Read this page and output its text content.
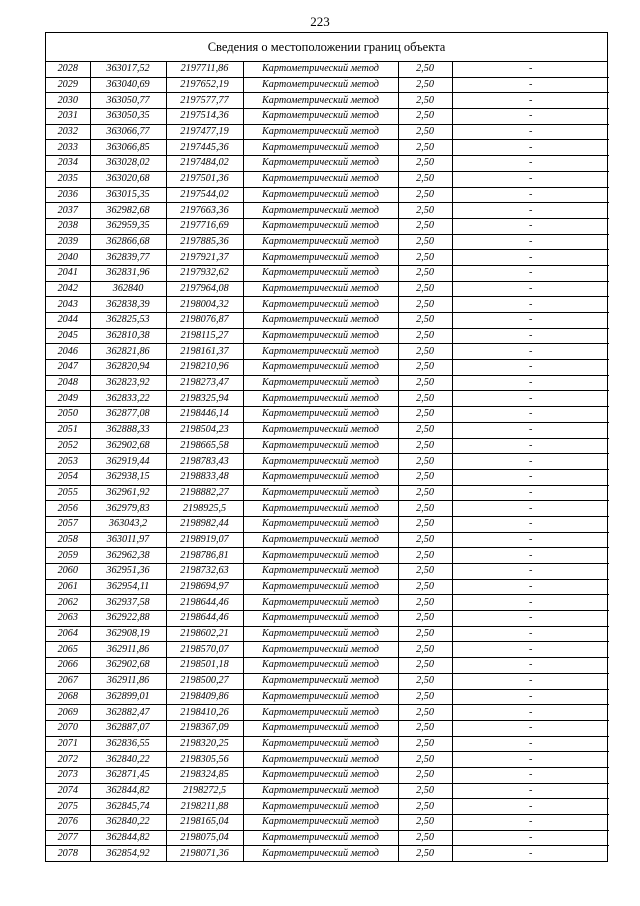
223
Сведения о местоположении границ объекта
2028	363017,52	2197711,86	Картометрический метод	2,50	-
2029	363040,69	2197652,19	Картометрический метод	2,50	-
2030	363050,77	2197577,77	Картометрический метод	2,50	-
2031	363050,35	2197514,36	Картометрический метод	2,50	-
2032	363066,77	2197477,19	Картометрический метод	2,50	-
2033	363066,85	2197445,36	Картометрический метод	2,50	-
2034	363028,02	2197484,02	Картометрический метод	2,50	-
2035	363020,68	2197501,36	Картометрический метод	2,50	-
2036	363015,35	2197544,02	Картометрический метод	2,50	-
2037	362982,68	2197663,36	Картометрический метод	2,50	-
2038	362959,35	2197716,69	Картометрический метод	2,50	-
2039	362866,68	2197885,36	Картометрический метод	2,50	-
2040	362839,77	2197921,37	Картометрический метод	2,50	-
2041	362831,96	2197932,62	Картометрический метод	2,50	-
2042	362840	2197964,08	Картометрический метод	2,50	-
2043	362838,39	2198004,32	Картометрический метод	2,50	-
2044	362825,53	2198076,87	Картометрический метод	2,50	-
2045	362810,38	2198115,27	Картометрический метод	2,50	-
2046	362821,86	2198161,37	Картометрический метод	2,50	-
2047	362820,94	2198210,96	Картометрический метод	2,50	-
2048	362823,92	2198273,47	Картометрический метод	2,50	-
2049	362833,22	2198325,94	Картометрический метод	2,50	-
2050	362877,08	2198446,14	Картометрический метод	2,50	-
2051	362888,33	2198504,23	Картометрический метод	2,50	-
2052	362902,68	2198665,58	Картометрический метод	2,50	-
2053	362919,44	2198783,43	Картометрический метод	2,50	-
2054	362938,15	2198833,48	Картометрический метод	2,50	-
2055	362961,92	2198882,27	Картометрический метод	2,50	-
2056	362979,83	2198925,5	Картометрический метод	2,50	-
2057	363043,2	2198982,44	Картометрический метод	2,50	-
2058	363011,97	2198919,07	Картометрический метод	2,50	-
2059	362962,38	2198786,81	Картометрический метод	2,50	-
2060	362951,36	2198732,63	Картометрический метод	2,50	-
2061	362954,11	2198694,97	Картометрический метод	2,50	-
2062	362937,58	2198644,46	Картометрический метод	2,50	-
2063	362922,88	2198644,46	Картометрический метод	2,50	-
2064	362908,19	2198602,21	Картометрический метод	2,50	-
2065	362911,86	2198570,07	Картометрический метод	2,50	-
2066	362902,68	2198501,18	Картометрический метод	2,50	-
2067	362911,86	2198500,27	Картометрический метод	2,50	-
2068	362899,01	2198409,86	Картометрический метод	2,50	-
2069	362882,47	2198410,26	Картометрический метод	2,50	-
2070	362887,07	2198367,09	Картометрический метод	2,50	-
2071	362836,55	2198320,25	Картометрический метод	2,50	-
2072	362840,22	2198305,56	Картометрический метод	2,50	-
2073	362871,45	2198324,85	Картометрический метод	2,50	-
2074	362844,82	2198272,5	Картометрический метод	2,50	-
2075	362845,74	2198211,88	Картометрический метод	2,50	-
2076	362840,22	2198165,04	Картометрический метод	2,50	-
2077	362844,82	2198075,04	Картометрический метод	2,50	-
2078	362854,92	2198071,36	Картометрический метод	2,50	-
